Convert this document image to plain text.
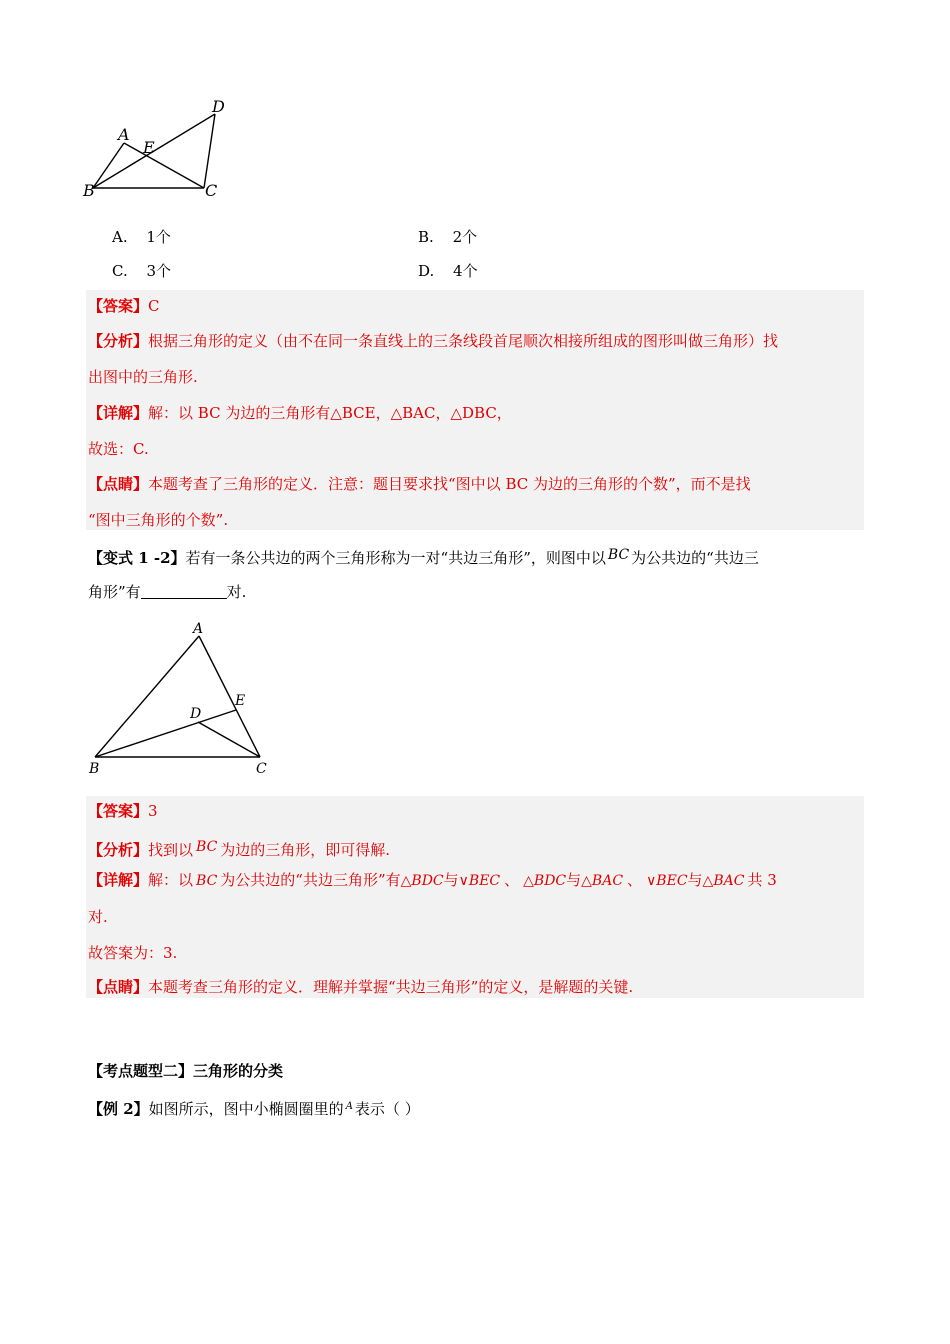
A
E
D
B	C
A. 1个	B. 2个
C. 3个	D. 4个
【答案】C
【分析】根据三角形的定义（由不在同一条直线上的三条线段首尾顺次相接所组成的图形叫做三角形）找
出图中的三角形.
【详解】解：以 BC 为边的三角形有△BCE，△BAC，△DBC，
故选：C.
【点睛】本题考查了三角形的定义．注意：题目要求找“图中以 BC 为边的三角形的个数”，而不是找
“图中三角形的个数”.
【变式 1 -2】若有一条公共边的两个三角形称为一对“共边三角形”，则图中以 BC 为公共边的“共边三
角形”有	对.
A
E
D
B	C
【答案】3
【分析】找到以 BC 为边的三角形，即可得解.
【详解】解：以 BC 为公共边的“共边三角形”有△BDC与∨BEC 、 △BDC与△BAC 、 ∨BEC与△BAC 共 3
对.
故答案为：3.
【点睛】本题考查三角形的定义．理解并掌握“共边三角形”的定义，是解题的关键.
【考点题型二】三角形的分类
【例 2】如图所示，图中小椭圆圈里的 $^A$ 表示（ ）
